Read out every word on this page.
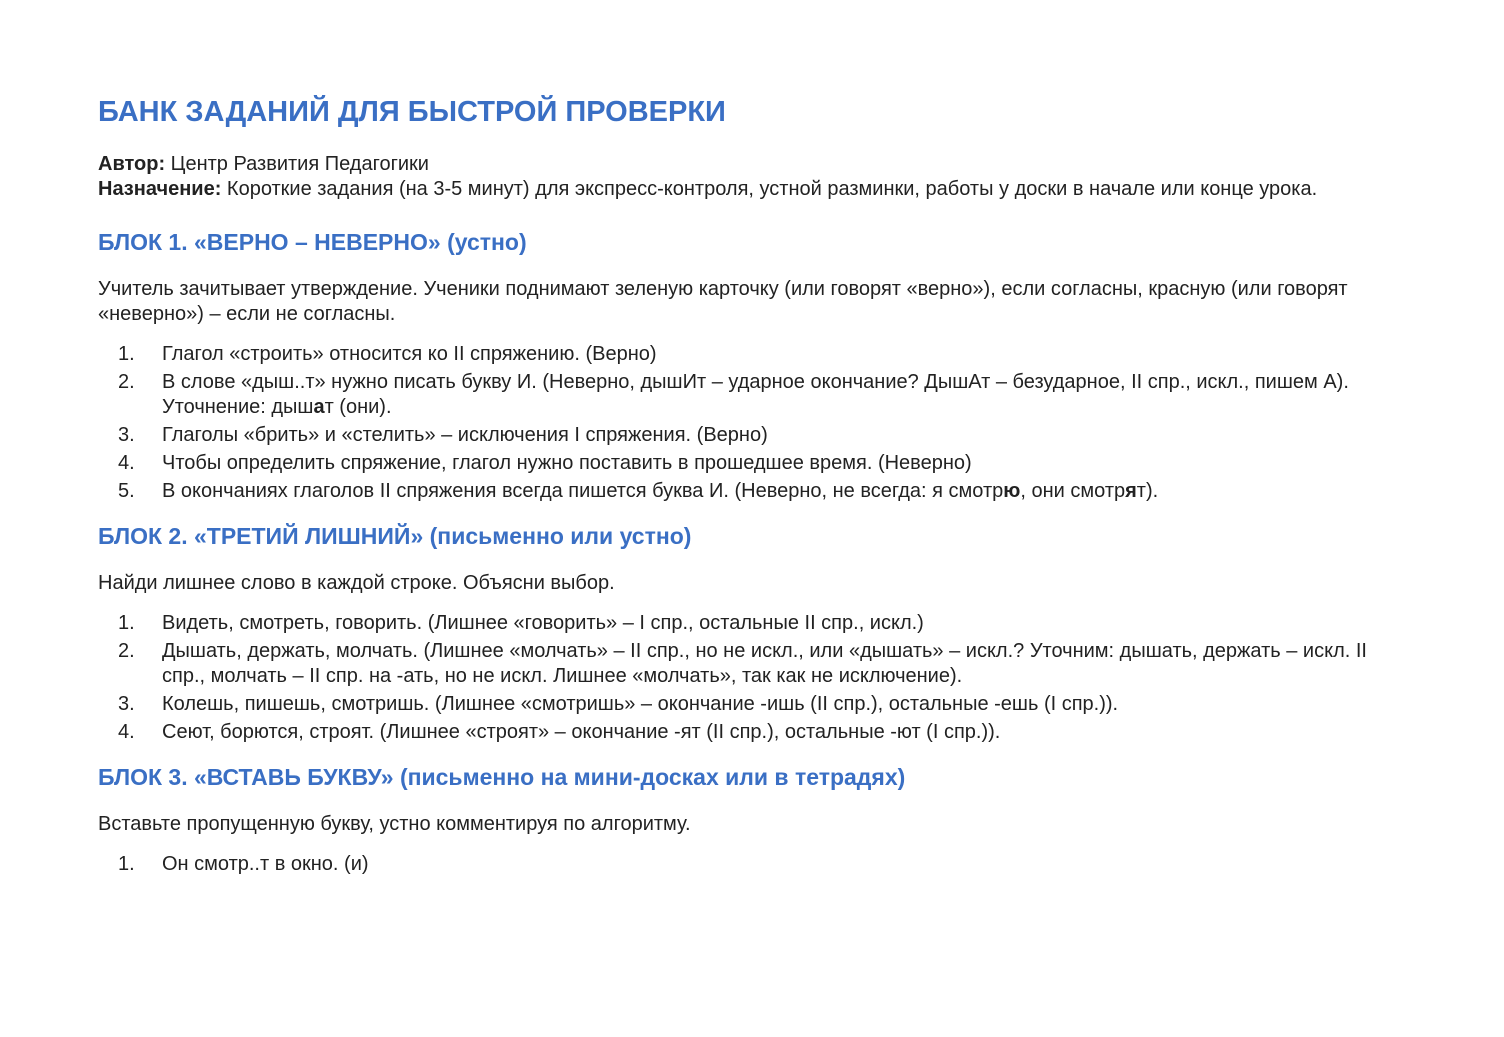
БАНК ЗАДАНИЙ ДЛЯ БЫСТРОЙ ПРОВЕРКИ

Автор: Центр Развития Педагогики

Назначение: Короткие задания (на 3-5 минут) для экспресс-контроля, устной разминки, работы у доски в начале или конце урока.

БЛОК 1. «ВЕРНО – НЕВЕРНО» (устно)

Учитель зачитывает утверждение. Ученики поднимают зеленую карточку (или говорят «верно»), если согласны, красную (или говорят «неверно») – если не согласны.

1. Глагол «строить» относится ко II спряжению. (Верно)
2. В слове «дыш..т» нужно писать букву И. (Неверно, дышИт – ударное окончание? ДышАт – безударное, II спр., искл., пишем А). Уточнение: дышат (они).
3. Глаголы «брить» и «стелить» – исключения I спряжения. (Верно)
4. Чтобы определить спряжение, глагол нужно поставить в прошедшее время. (Неверно)
5. В окончаниях глаголов II спряжения всегда пишется буква И. (Неверно, не всегда: я смотрю, они смотрят).
БЛОК 2. «ТРЕТИЙ ЛИШНИЙ» (письменно или устно)

Найди лишнее слово в каждой строке. Объясни выбор.

1. Видеть, смотреть, говорить. (Лишнее «говорить» – I спр., остальные II спр., искл.)
2. Дышать, держать, молчать. (Лишнее «молчать» – II спр., но не искл., или «дышать» – искл.? Уточним: дышать, держать – искл. II спр., молчать – II спр. на -ать, но не искл. Лишнее «молчать», так как не исключение).
3. Колешь, пишешь, смотришь. (Лишнее «смотришь» – окончание -ишь (II спр.), остальные -ешь (I спр.)).
4. Сеют, борются, строят. (Лишнее «строят» – окончание -ят (II спр.), остальные -ют (I спр.)).
БЛОК 3. «ВСТАВЬ БУКВУ» (письменно на мини-досках или в тетрадях)

Вставьте пропущенную букву, устно комментируя по алгоритму.

1. Он смотр..т в окно. (и)
